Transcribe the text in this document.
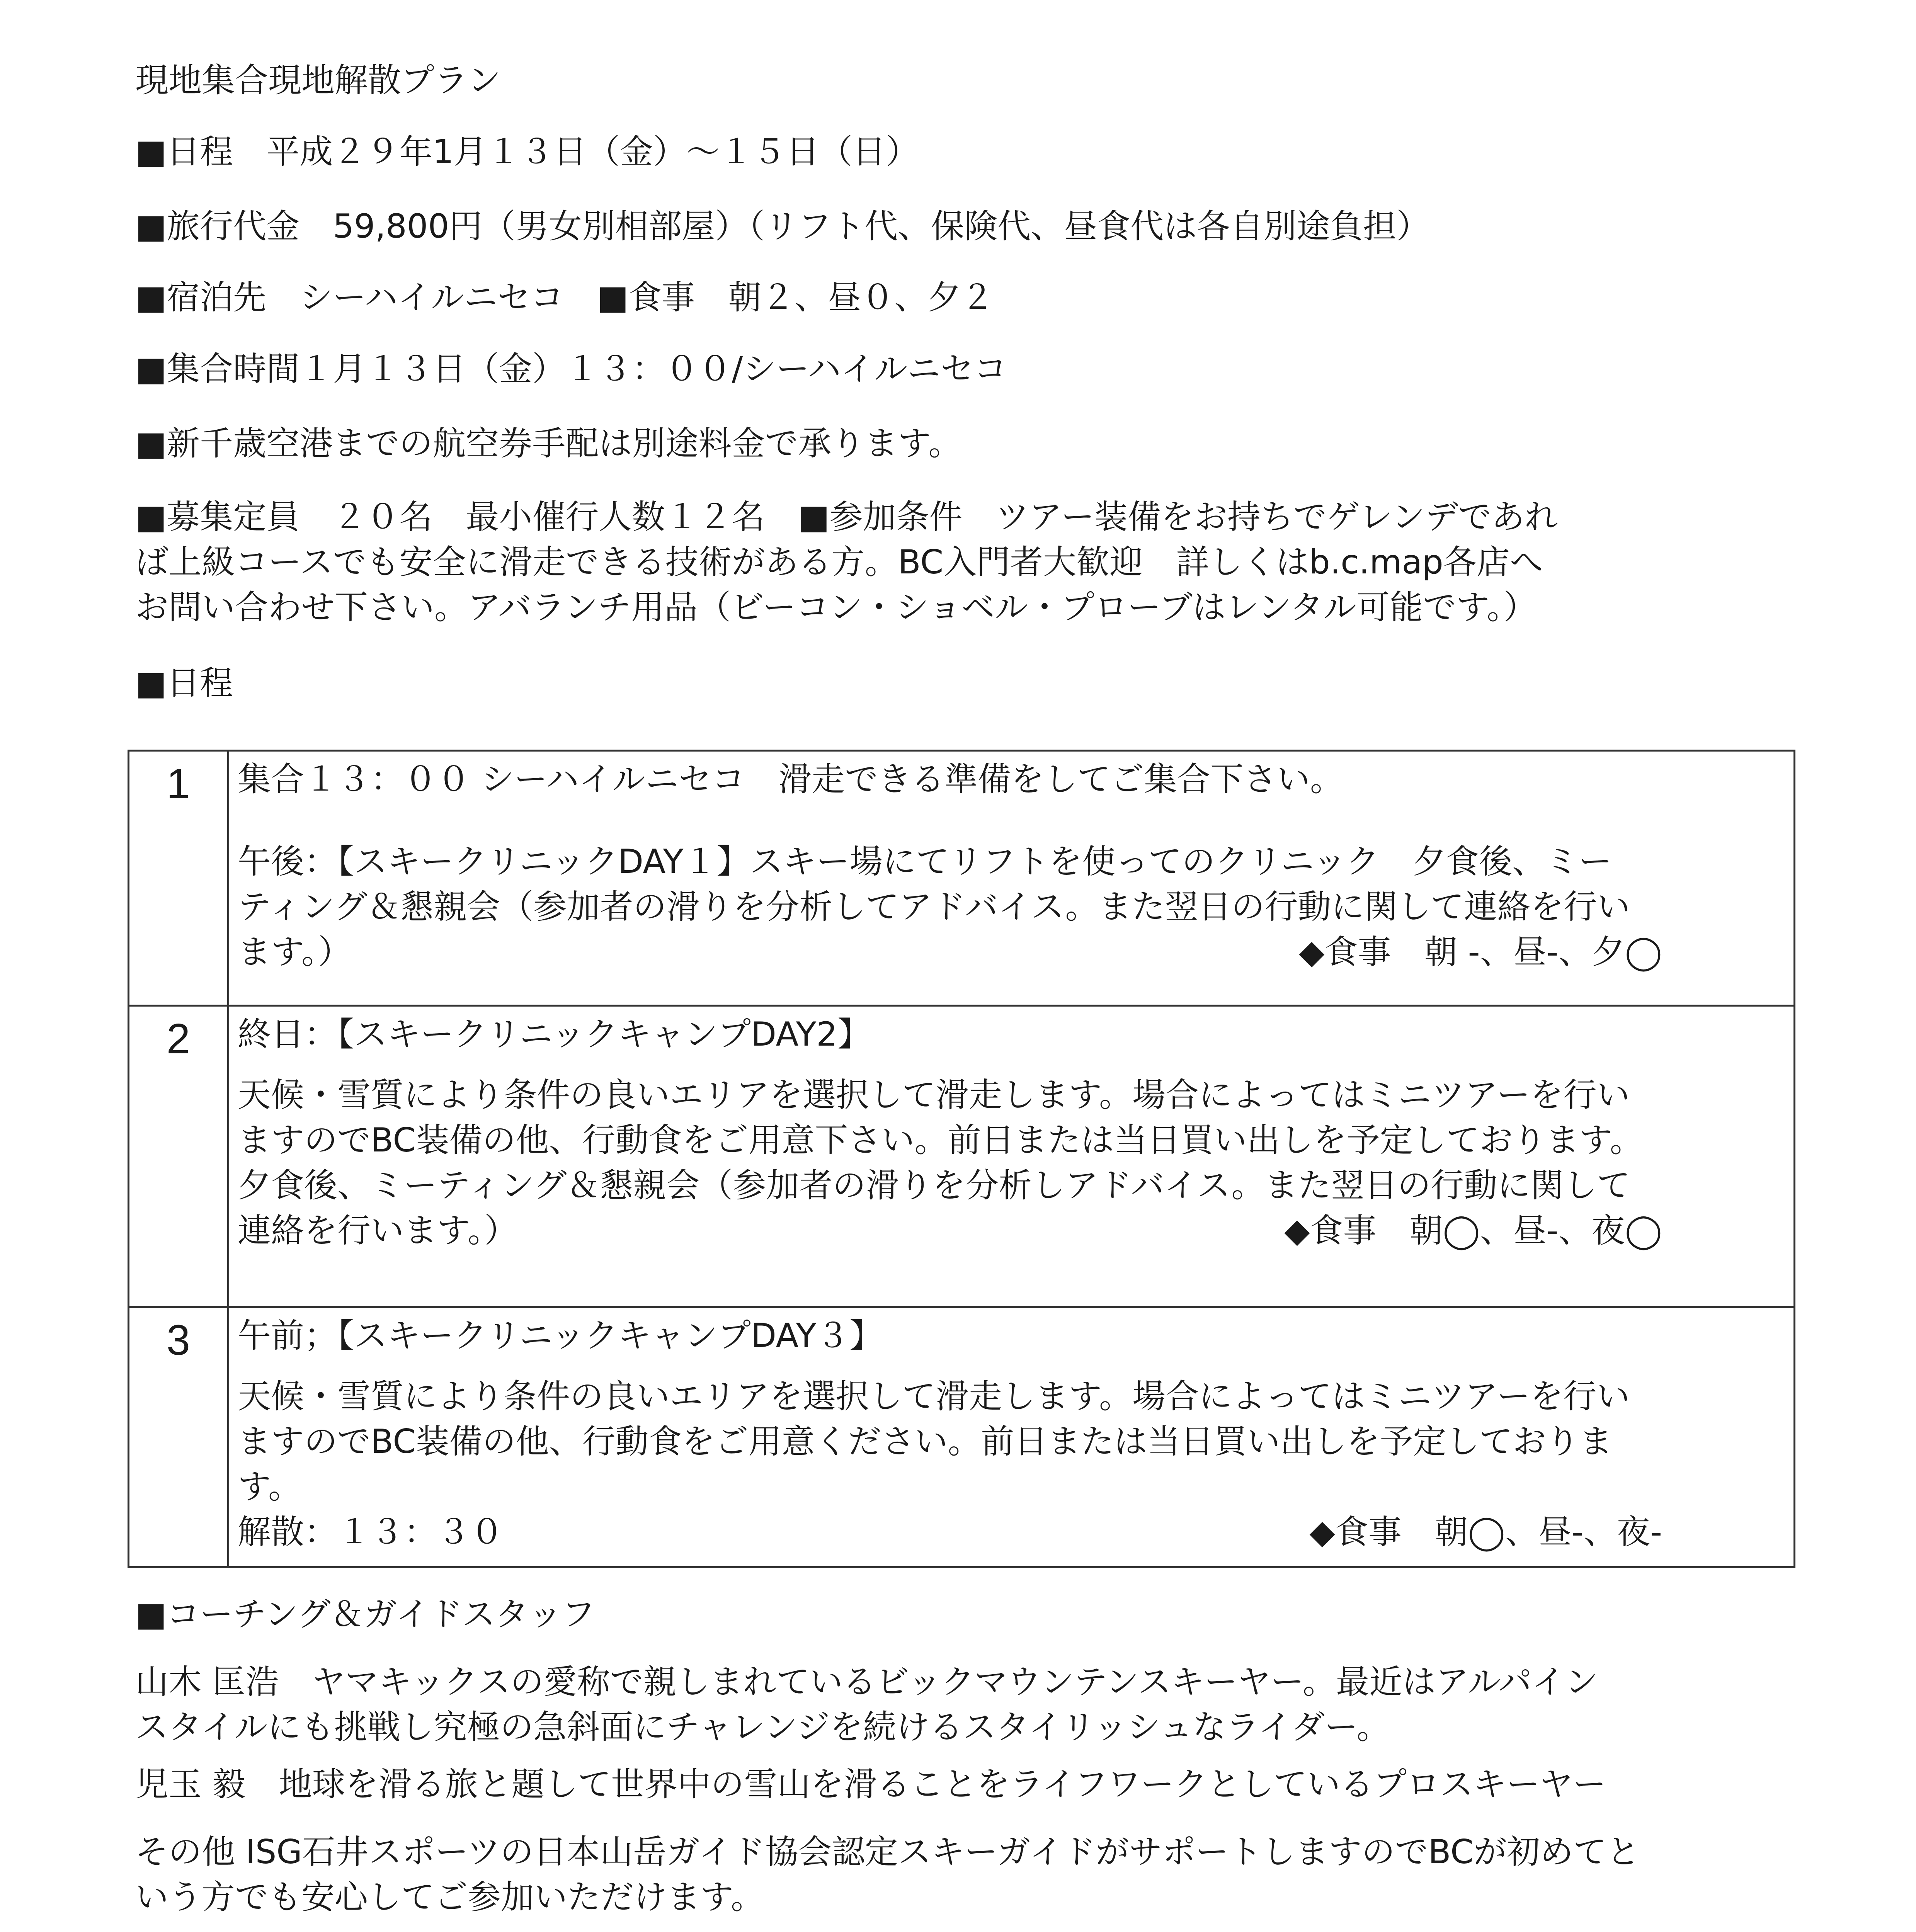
現地集合現地解散プラン
■日程　平成２９年1月１３日（金）～１５日（日）
■旅行代金　59,800円（男女別相部屋）（リフト代、保険代、昼食代は各自別途負担）
■宿泊先　シーハイルニセコ　■食事　朝２、昼０、夕２
■集合時間１月１３日（金）１３：００/シーハイルニセコ
■新千歳空港までの航空券手配は別途料金で承ります。
■募集定員　２０名　最小催行人数１２名　■参加条件　ツアー装備をお持ちでゲレンデであれ
ば上級コースでも安全に滑走できる技術がある方。BC入門者大歓迎　詳しくはb.c.map各店へ
お問い合わせ下さい。アバランチ用品（ビーコン・ショベル・プローブはレンタル可能です。）
■日程
1	集合１３：００ シーハイルニセコ　滑走できる準備をしてご集合下さい。
午後：【スキークリニックDAY１】スキー場にてリフトを使ってのクリニック　夕食後、ミー
ティング＆懇親会（参加者の滑りを分析してアドバイス。また翌日の行動に関して連絡を行い
ます。）	◆食事　朝 -、昼-、夕◯
2	終日：【スキークリニックキャンプDAY2】
天候・雪質により条件の良いエリアを選択して滑走します。場合によってはミニツアーを行い
ますのでBC装備の他、行動食をご用意下さい。前日または当日買い出しを予定しております。
夕食後、ミーティング＆懇親会（参加者の滑りを分析しアドバイス。また翌日の行動に関して
連絡を行います。）	◆食事　朝◯、昼-、夜◯
3	午前；【スキークリニックキャンプDAY３】
天候・雪質により条件の良いエリアを選択して滑走します。場合によってはミニツアーを行い
ますのでBC装備の他、行動食をご用意ください。前日または当日買い出しを予定しておりま
す。
解散：１３：３０	◆食事　朝◯、昼-、夜-
■コーチング＆ガイドスタッフ
山木 匡浩　ヤマキックスの愛称で親しまれているビックマウンテンスキーヤー。最近はアルパイン
スタイルにも挑戦し究極の急斜面にチャレンジを続けるスタイリッシュなライダー。
児玉 毅　地球を滑る旅と題して世界中の雪山を滑ることをライフワークとしているプロスキーヤー
その他 ISG石井スポーツの日本山岳ガイド協会認定スキーガイドがサポートしますのでBCが初めてと
いう方でも安心してご参加いただけます。
